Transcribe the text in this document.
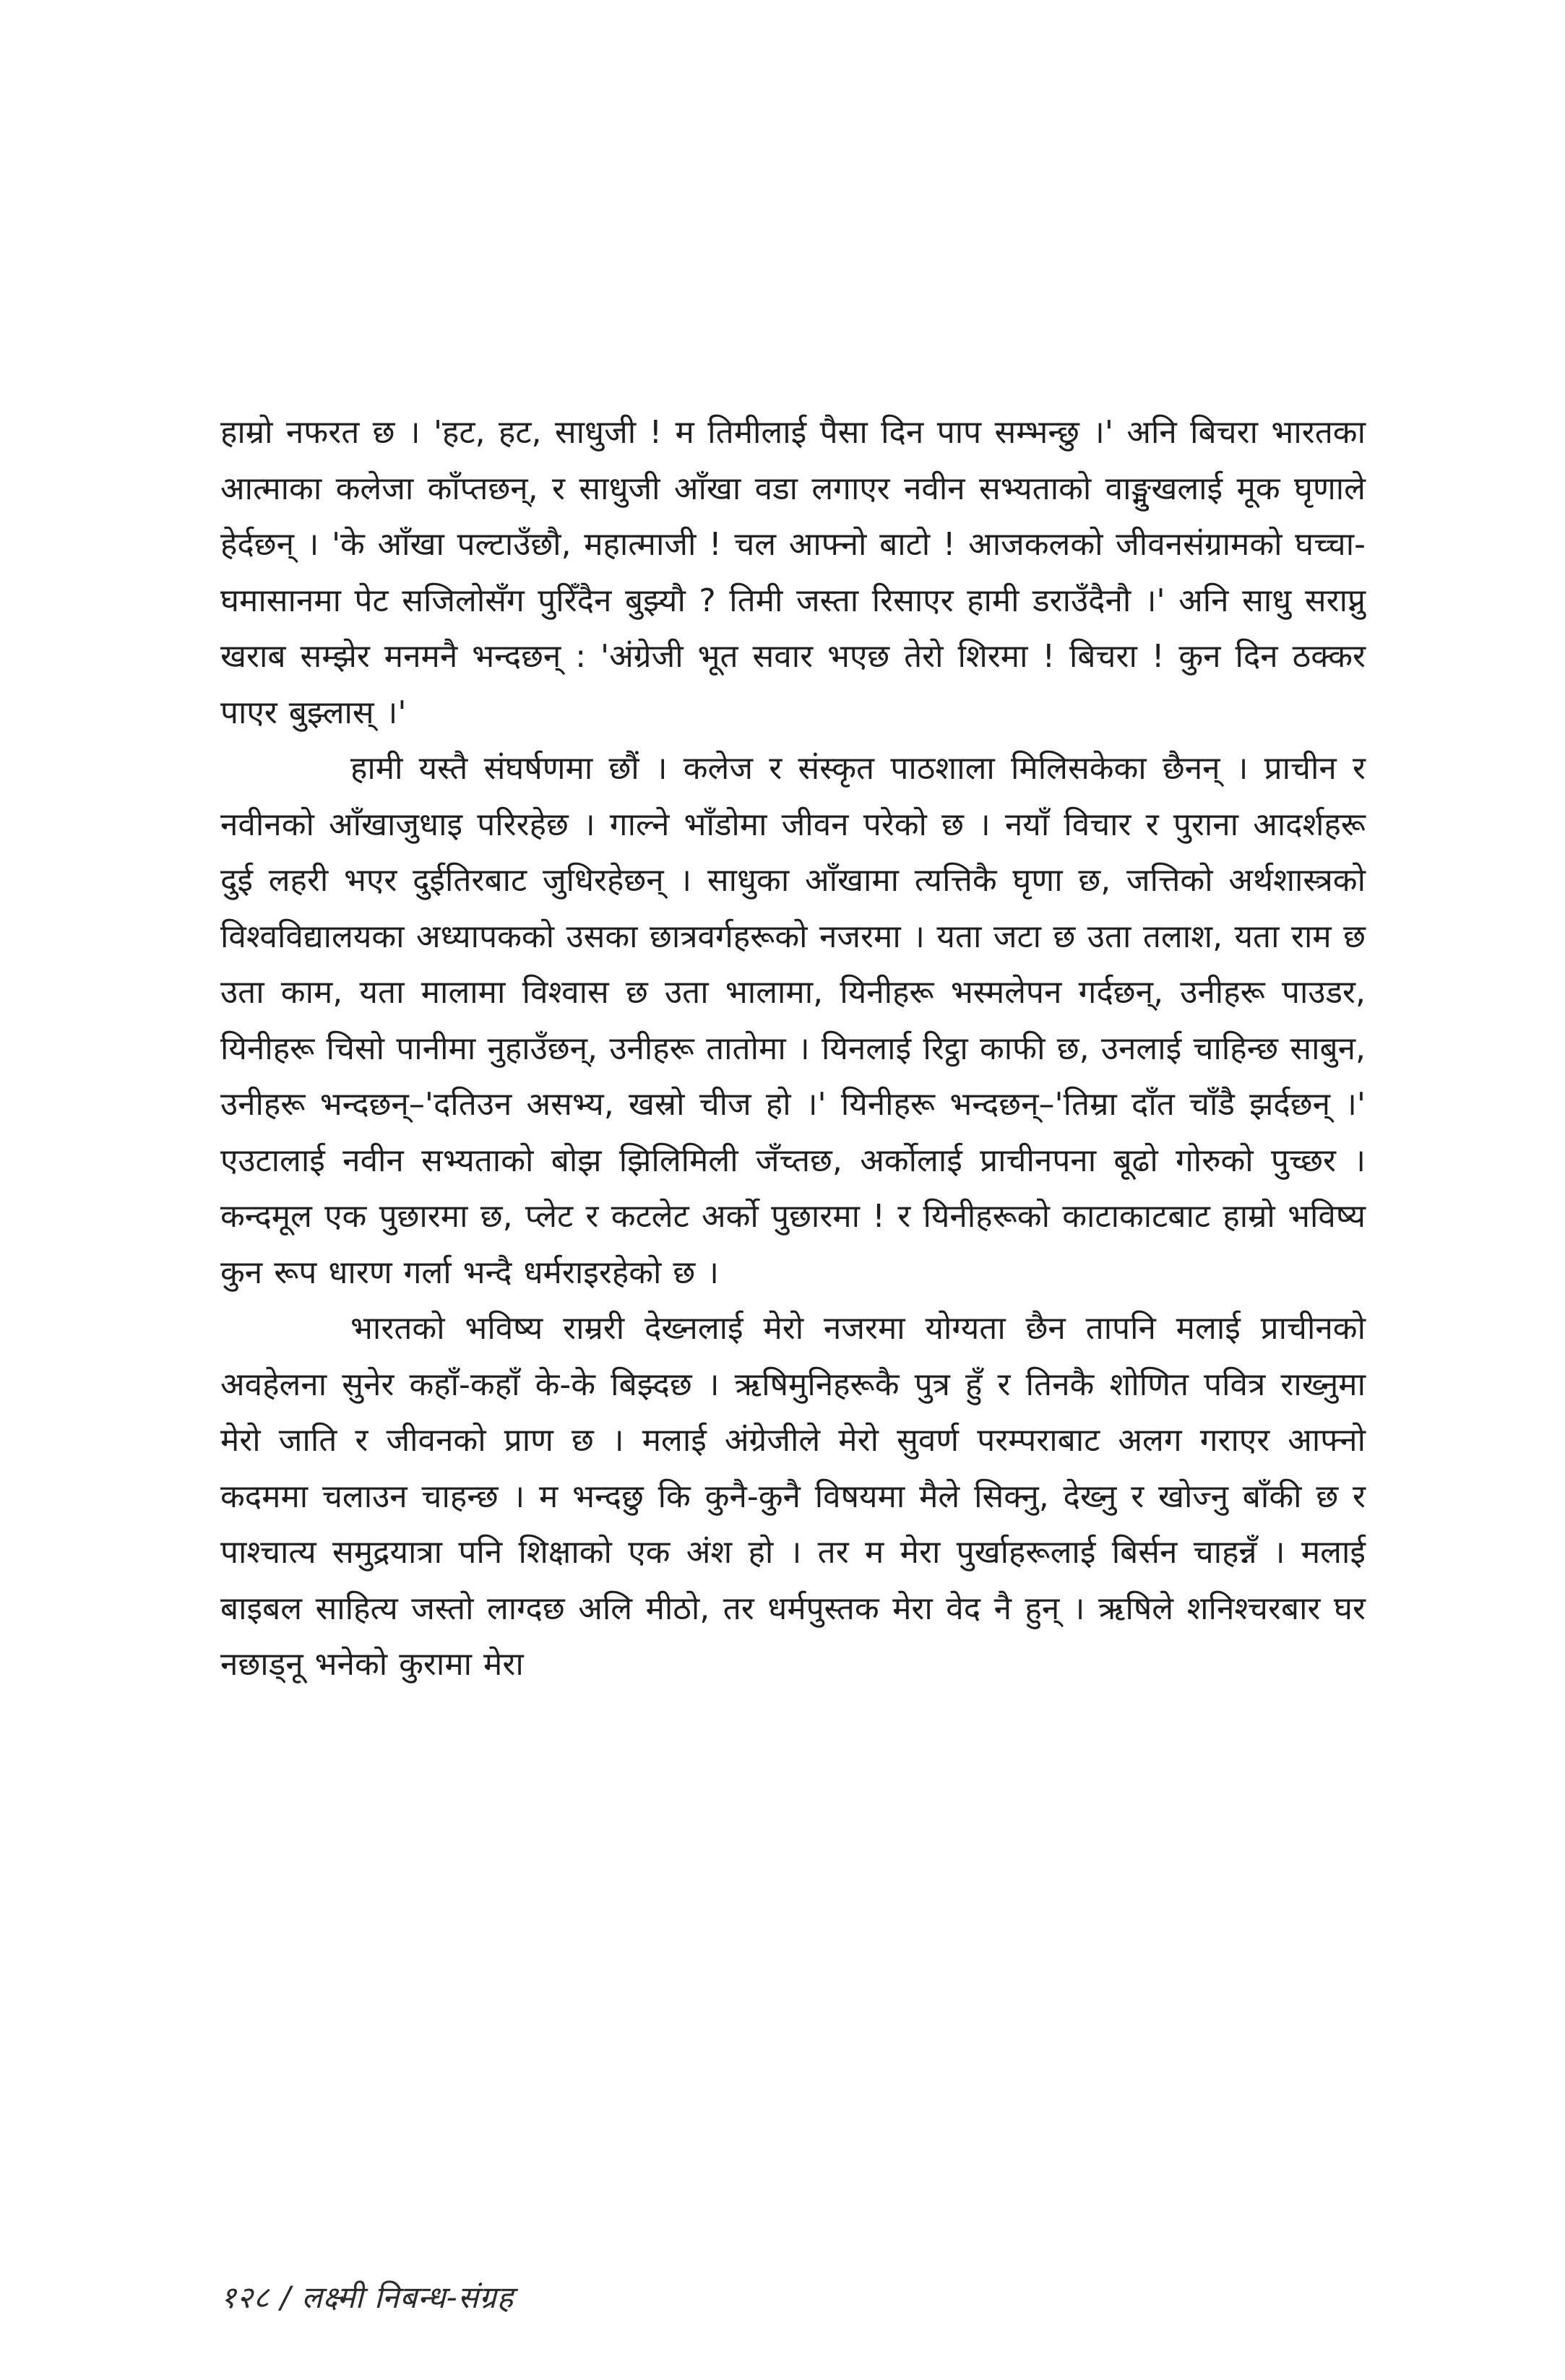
हाम्रो नफरत छ । 'हट, हट, साधुजी ! म तिमीलाई पैसा दिन पाप सम्भन्छु ।' अनि बिचरा भारतका आत्माका कलेजा काँप्तछन्, र साधुजी आँखा वडा लगाएर नवीन सभ्यताको वाङ्मुखलाई मूक घृणाले हेर्दछन् । 'के आँखा पल्टाउँछौ, महात्माजी ! चल आफ्नो बाटो ! आजकलको जीवनसंग्रामको घच्चा-घमासानमा पेट सजिलोसँग पुरिँदैन बुझ्यौ ? तिमी जस्ता रिसाएर हामी डराउँदैनौ ।' अनि साधु सराप्नु खराब सम्झेर मनमनै भन्दछन् : 'अंग्रेजी भूत सवार भएछ तेरो शिरमा ! बिचरा ! कुन दिन ठक्कर पाएर बुझ्लास् ।'

हामी यस्तै संघर्षणमा छौं । कलेज र संस्कृत पाठशाला मिलिसकेका छैनन् । प्राचीन र नवीनको आँखाजुधाइ परिरहेछ । गाल्ने भाँडोमा जीवन परेको छ । नयाँ विचार र पुराना आदर्शहरू दुई लहरी भएर दुईतिरबाट जुधिरहेछन् । साधुका आँखामा त्यत्तिकै घृणा छ, जत्तिको अर्थशास्त्रको विश्वविद्यालयका अध्यापकको उसका छात्रवर्गहरूको नजरमा । यता जटा छ उता तलाश, यता राम छ उता काम, यता मालामा विश्वास छ उता भालामा, यिनीहरू भस्मलेपन गर्दछन्, उनीहरू पाउडर, यिनीहरू चिसो पानीमा नुहाउँछन्, उनीहरू तातोमा । यिनलाई रिट्ठा काफी छ, उनलाई चाहिन्छ साबुन, उनीहरू भन्दछन्–'दतिउन असभ्य, खस्रो चीज हो ।' यिनीहरू भन्दछन्–'तिम्रा दाँत चाँडै झर्दछन् ।' एउटालाई नवीन सभ्यताको बोझ झिलिमिली जँच्तछ, अर्कोलाई प्राचीनपना बूढो गोरुको पुच्छर । कन्दमूल एक पुछारमा छ, प्लेट र कटलेट अर्को पुछारमा ! र यिनीहरूको काटाकाटबाट हाम्रो भविष्य कुन रूप धारण गर्ला भन्दै धर्मराइरहेको छ ।

भारतको भविष्य राम्ररी देख्नलाई मेरो नजरमा योग्यता छैन तापनि मलाई प्राचीनको अवहेलना सुनेर कहाँ-कहाँ के-के बिझ्दछ । ऋषिमुनिहरूकै पुत्र हुँ र तिनकै शोणित पवित्र राख्नुमा मेरो जाति र जीवनको प्राण छ । मलाई अंग्रेजीले मेरो सुवर्ण परम्पराबाट अलग गराएर आफ्नो कदममा चलाउन चाहन्छ । म भन्दछु कि कुनै-कुनै विषयमा मैले सिक्नु, देख्नु र खोज्नु बाँकी छ र पाश्चात्य समुद्रयात्रा पनि शिक्षाको एक अंश हो । तर म मेरा पुर्खाहरूलाई बिर्सन चाहन्नँ । मलाई बाइबल साहित्य जस्तो लाग्दछ अलि मीठो, तर धर्मपुस्तक मेरा वेद नै हुन् । ऋषिले शनिश्चरबार घर नछाड्नू भनेको कुरामा मेरा

१२८ / लक्ष्मी निबन्ध-संग्रह
